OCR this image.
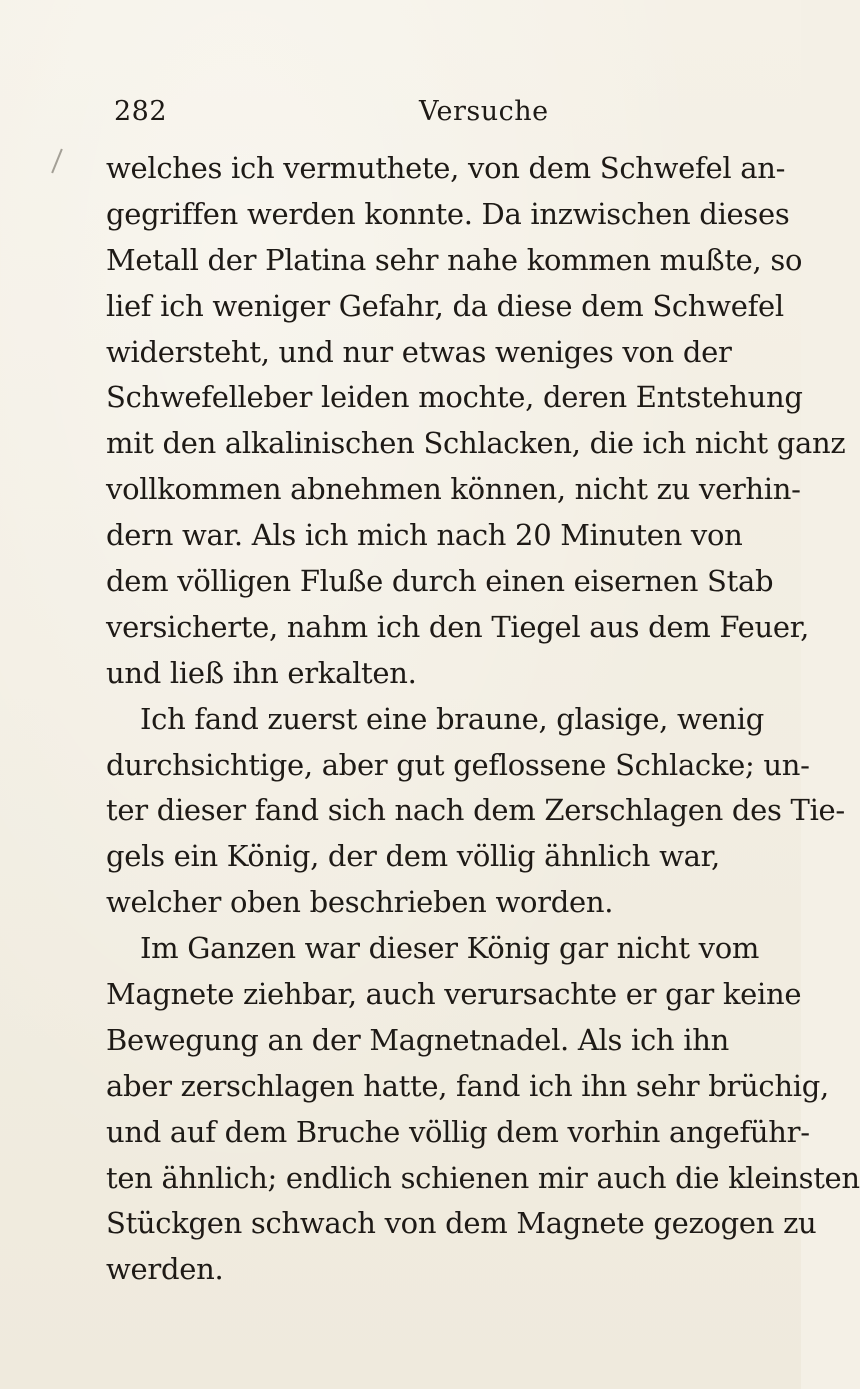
282	Versuche
welches ich vermuthete, von dem Schwefel an-
gegriffen werden konnte. Da inzwischen dieses
Metall der Platina sehr nahe kommen mußte, so
lief ich weniger Gefahr, da diese dem Schwefel
widersteht, und nur etwas weniges von der
Schwefelleber leiden mochte, deren Entstehung
mit den alkalinischen Schlacken, die ich nicht ganz
vollkommen abnehmen können, nicht zu verhin-
dern war. Als ich mich nach 20 Minuten von
dem völligen Fluße durch einen eisernen Stab
versicherte, nahm ich den Tiegel aus dem Feuer,
und ließ ihn erkalten.
Ich fand zuerst eine braune, glasige, wenig
durchsichtige, aber gut geflossene Schlacke; un-
ter dieser fand sich nach dem Zerschlagen des Tie-
gels ein König, der dem völlig ähnlich war,
welcher oben beschrieben worden.
Im Ganzen war dieser König gar nicht vom
Magnete ziehbar, auch verursachte er gar keine
Bewegung an der Magnetnadel. Als ich ihn
aber zerschlagen hatte, fand ich ihn sehr brüchig,
und auf dem Bruche völlig dem vorhin angeführ-
ten ähnlich; endlich schienen mir auch die kleinsten
Stückgen schwach von dem Magnete gezogen zu
werden.
